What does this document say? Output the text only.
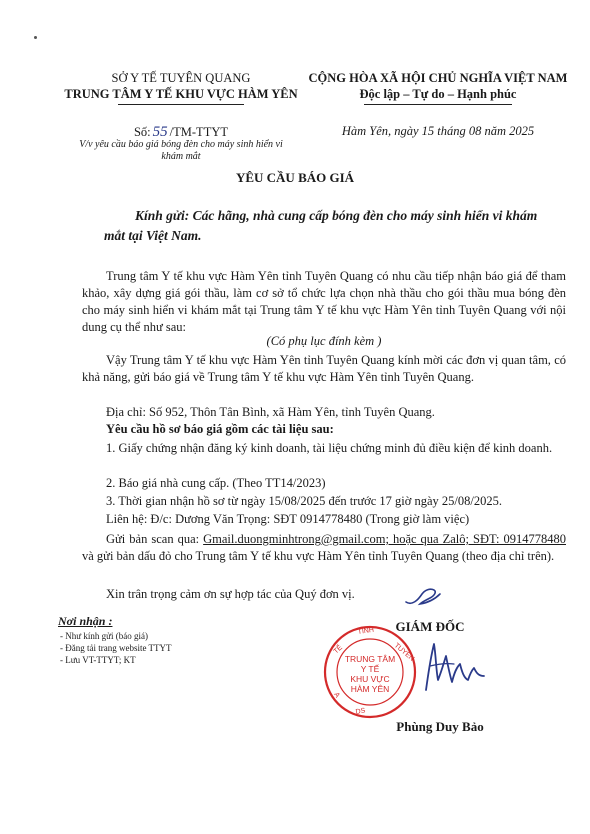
SỞ Y TẾ TUYÊN QUANG
TRUNG TÂM Y TẾ KHU VỰC HÀM YÊN
CỘNG HÒA XÃ HỘI CHỦ NGHĨA VIỆT NAM
Độc lập – Tự do – Hạnh phúc
Số: 55 /TM-TTYT
V/v yêu cầu báo giá bóng đèn cho máy sinh hiển vi
khám mắt
Hàm Yên, ngày 15 tháng 08 năm 2025
YÊU CẦU BÁO GIÁ
Kính gửi: Các hãng, nhà cung cấp bóng đèn cho máy sinh hiển vi khám
mắt tại Việt Nam.
Trung tâm Y tế khu vực Hàm Yên tỉnh Tuyên Quang có nhu cầu tiếp nhận báo giá để tham khảo, xây dựng giá gói thầu, làm cơ sở tổ chức lựa chọn nhà thầu cho gói thầu mua bóng đèn cho máy sinh hiển vi khám mắt tại Trung tâm Y tế khu vực Hàm Yên tỉnh Tuyên Quang với nội dung cụ thể như sau:
(Có phụ lục đính kèm )
Vậy Trung tâm Y tế khu vực Hàm Yên tỉnh Tuyên Quang kính mời các đơn vị quan tâm, có khả năng, gửi báo giá về Trung tâm Y tế khu vực Hàm Yên tỉnh Tuyên Quang.
Địa chỉ: Số 952, Thôn Tân Bình, xã Hàm Yên, tỉnh Tuyên Quang.
Yêu cầu hồ sơ báo giá gồm các tài liệu sau:
1. Giấy chứng nhận đăng ký kinh doanh, tài liệu chứng minh đủ điều kiện để kinh doanh.
2. Báo giá nhà cung cấp. (Theo TT14/2023)
3. Thời gian nhận hồ sơ từ ngày 15/08/2025 đến trước 17 giờ ngày 25/08/2025.
Liên hệ: Đ/c: Dương Văn Trọng: SĐT 0914778480 (Trong giờ làm việc)
Gửi bản scan qua: Gmail.duongminhtrong@gmail.com; hoặc qua Zalô; SĐT: 0914778480 và gửi bản dấu đỏ cho Trung tâm Y tế khu vực Hàm Yên tỉnh Tuyên Quang (theo địa chỉ trên).
Xin trân trọng cảm ơn sự hợp tác của Quý đơn vị.
Nơi nhận :
- Như kính gửi (báo giá)
- Đăng tải trang website TTYT
- Lưu VT-TTYT; KT
GIÁM ĐỐC
TẾ
TỈNH
TUYÊN
A
DS
TRUNG TÂM
Y TẾ
KHU VỰC
HÀM YÊN
Phùng Duy Bảo
